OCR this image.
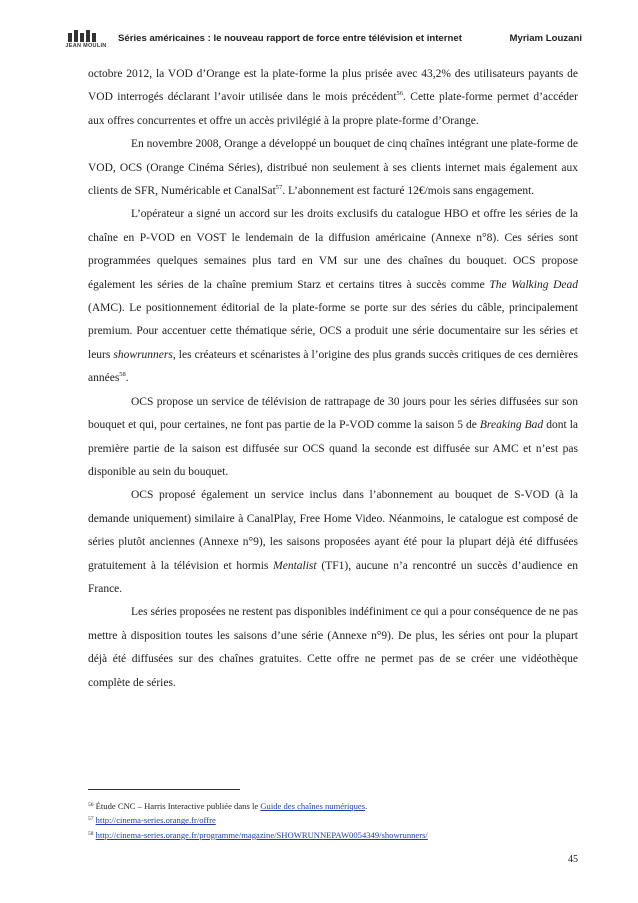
JEAN MOULIN
Séries américaines : le nouveau rapport de force entre télévision et internet	Myriam Louzani

octobre 2012, la VOD d’Orange est la plate-forme la plus prisée avec 43,2% des utilisateurs payants de VOD interrogés déclarant l’avoir utilisée dans le mois précédent$^{56}$. Cette plate-forme permet d’accéder aux offres concurrentes et offre un accès privilégié à la propre plate-forme d’Orange.

En novembre 2008, Orange a développé un bouquet de cinq chaînes intégrant une plate-forme de VOD, OCS (Orange Cinéma Séries), distribué non seulement à ses clients internet mais également aux clients de SFR, Numéricable et CanalSat$^{57}$. L’abonnement est facturé 12€/mois sans engagement.

L’opérateur a signé un accord sur les droits exclusifs du catalogue HBO et offre les séries de la chaîne en P-VOD en VOST le lendemain de la diffusion américaine (Annexe n°8). Ces séries sont programmées quelques semaines plus tard en VM sur une des chaînes du bouquet. OCS propose également les séries de la chaîne premium Starz et certains titres à succès comme The Walking Dead (AMC). Le positionnement éditorial de la plate-forme se porte sur des séries du câble, principalement premium. Pour accentuer cette thématique série, OCS a produit une série documentaire sur les séries et leurs showrunners, les créateurs et scénaristes à l’origine des plus grands succès critiques de ces dernières années$^{58}$.

OCS propose un service de télévision de rattrapage de 30 jours pour les séries diffusées sur son bouquet et qui, pour certaines, ne font pas partie de la P-VOD comme la saison 5 de Breaking Bad dont la première partie de la saison est diffusée sur OCS quand la seconde est diffusée sur AMC et n’est pas disponible au sein du bouquet.

OCS proposé également un service inclus dans l’abonnement au bouquet de S-VOD (à la demande uniquement) similaire à CanalPlay, Free Home Video. Néanmoins, le catalogue est composé de séries plutôt anciennes (Annexe n°9), les saisons proposées ayant été pour la plupart déjà été diffusées gratuitement à la télévision et hormis Mentalist (TF1), aucune n’a rencontré un succès d’audience en France.

Les séries proposées ne restent pas disponibles indéfiniment ce qui a pour conséquence de ne pas mettre à disposition toutes les saisons d’une série (Annexe n°9). De plus, les séries ont pour la plupart déjà été diffusées sur des chaînes gratuites. Cette offre ne permet pas de se créer une vidéothèque complète de séries.

$^{56}$ Étude CNC – Harris Interactive publiée dans le Guide des chaînes numériques.
$^{57}$ http://cinema-series.orange.fr/offre
$^{58}$ http://cinema-series.orange.fr/programme/magazine/SHOWRUNNEPAW0054349/showrunners/
45
